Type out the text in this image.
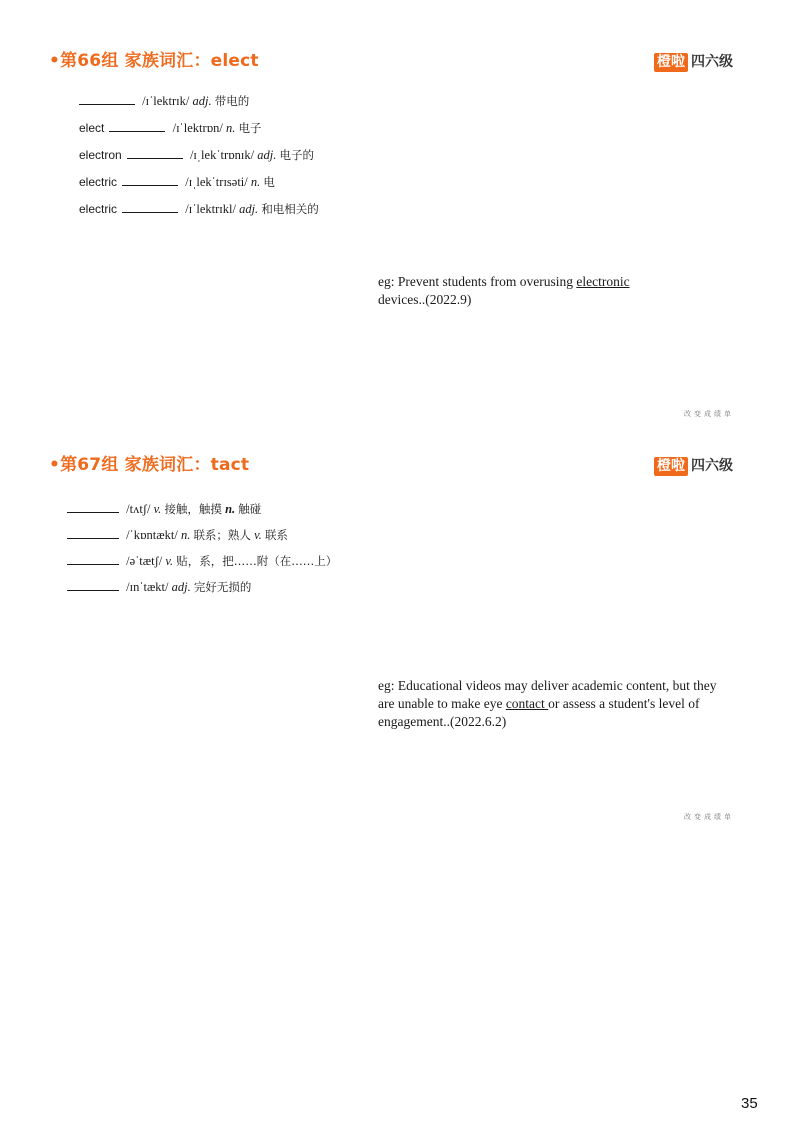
•第66组 家族词汇：elect	橙啦 四六级
/ɪˈlektrɪk/ adj. 带电的
elect	/ɪˈlektrɒn/ n. 电子
electron	/ɪˌlekˈtrɒnɪk/ adj. 电子的
electric	/ɪˌlekˈtrɪsəti/ n. 电
electric	/ɪˈlektrɪkl/ adj. 和电相关的
eg: Prevent students from overusing electronic devices..(2022.9)
改变成绩单
•第67组 家族词汇：tact	橙啦 四六级
/tʌtʃ/ v. 接触，触摸 n. 触碰
/ˈkɒntækt/ n. 联系；熟人 v. 联系
/əˈtætʃ/ v. 贴，系，把……附（在……上）
/ɪnˈtækt/ adj. 完好无损的
eg: Educational videos may deliver academic content, but they are unable to make eye contact or assess a student's level of engagement..(2022.6.2)
改变成绩单
35
